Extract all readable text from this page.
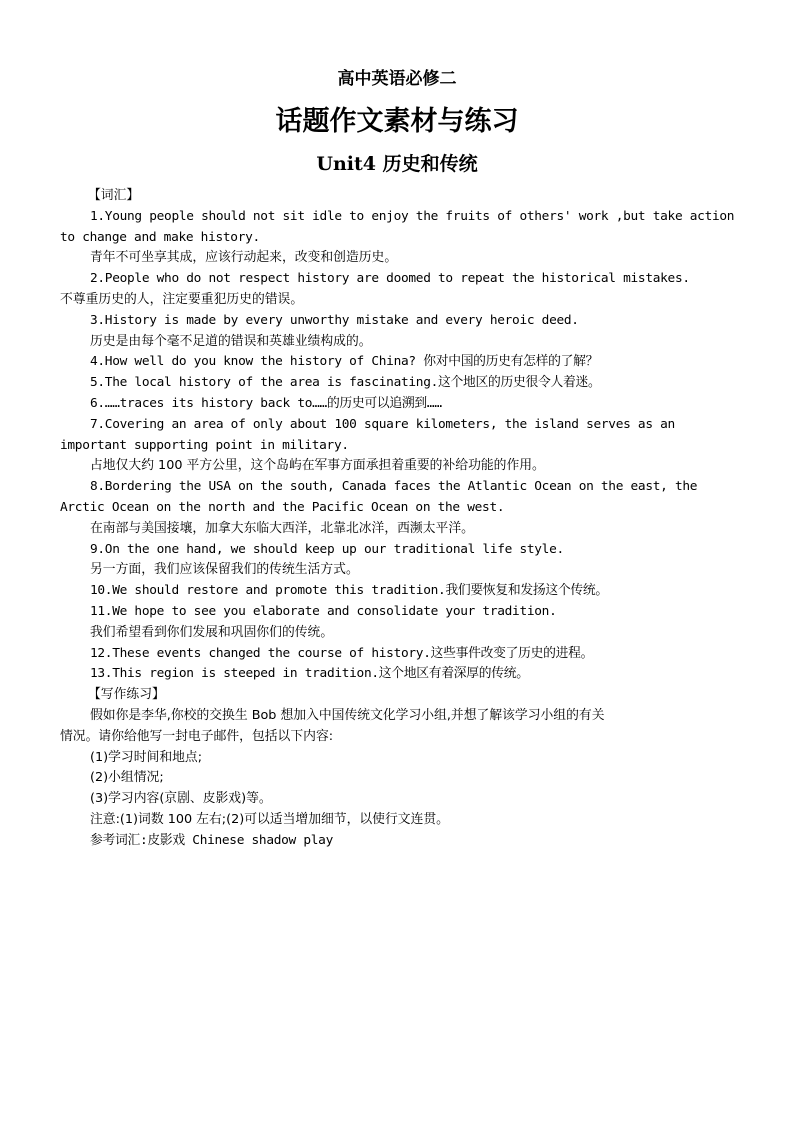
高中英语必修二
话题作文素材与练习
Unit4 历史和传统
【词汇】
1.Young people should not sit idle to enjoy the fruits of others' work ,but take action
to change and make history.
青年不可坐享其成，应该行动起来，改变和创造历史。
2.People who do not respect history are doomed to repeat the historical mistakes.
不尊重历史的人，注定要重犯历史的错误。
3.History is made by every unworthy mistake and every heroic deed.
历史是由每个毫不足道的错误和英雄业绩构成的。
4.How well do you know the history of China? 你对中国的历史有怎样的了解？
5.The local history of the area is fascinating.这个地区的历史很令人着迷。
6.……traces its history back to……的历史可以追溯到……
7.Covering an area of only about 100 square kilometers, the island serves as an
important supporting point in military.
占地仅大约 100 平方公里，这个岛屿在军事方面承担着重要的补给功能的作用。
8.Bordering the USA on the south, Canada faces the Atlantic Ocean on the east, the
Arctic Ocean on the north and the Pacific Ocean on the west.
在南部与美国接壤，加拿大东临大西洋，北靠北冰洋，西濒太平洋。
9.On the one hand, we should keep up our traditional life style.
另一方面，我们应该保留我们的传统生活方式。
10.We should restore and promote this tradition.我们要恢复和发扬这个传统。
11.We hope to see you elaborate and consolidate your tradition.
我们希望看到你们发展和巩固你们的传统。
12.These events changed the course of history.这些事件改变了历史的进程。
13.This region is steeped in tradition.这个地区有着深厚的传统。
【写作练习】
假如你是李华,你校的交换生 Bob 想加入中国传统文化学习小组,并想了解该学习小组的有关
情况。请你给他写一封电子邮件，包括以下内容:
(1)学习时间和地点;
(2)小组情况;
(3)学习内容(京剧、皮影戏)等。
注意:(1)词数 100 左右;(2)可以适当增加细节，以使行文连贯。
参考词汇:皮影戏 Chinese shadow play
